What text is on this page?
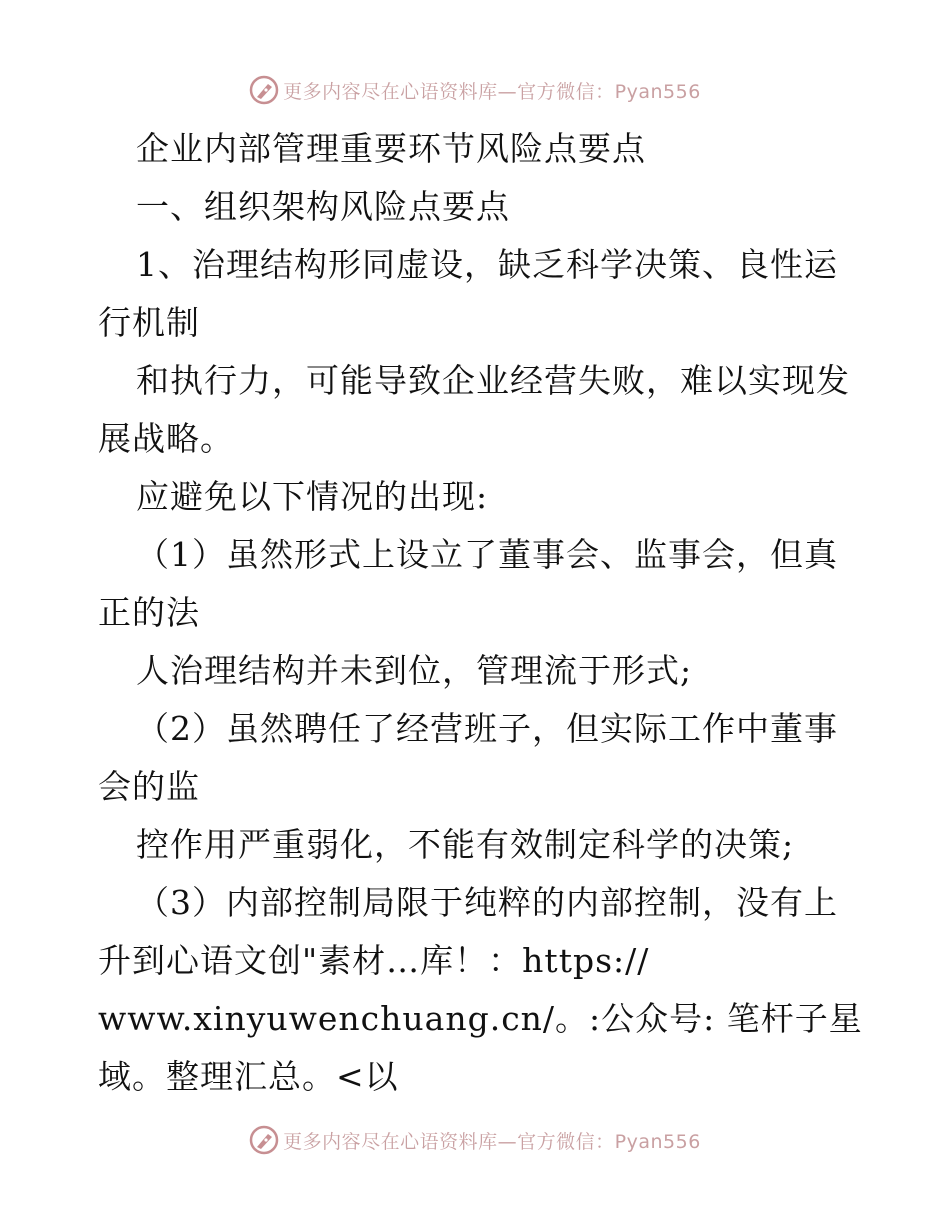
更多内容尽在心语资料库—官方微信：Pyan556
企业内部管理重要环节风险点要点
一、组织架构风险点要点
1、治理结构形同虚设，缺乏科学决策、良性运
行机制
和执行力，可能导致企业经营失败，难以实现发
展战略。
应避免以下情况的出现:
（1）虽然形式上设立了董事会、监事会，但真
正的法
人治理结构并未到位，管理流于形式;
（2）虽然聘任了经营班子，但实际工作中董事
会的监
控作用严重弱化，不能有效制定科学的决策;
（3）内部控制局限于纯粹的内部控制，没有上
升到心语文创"素材…库！：https://
www.xinyuwenchuang.cn/。:公众号: 笔杆子星
域。整理汇总。<以
更多内容尽在心语资料库—官方微信：Pyan556
